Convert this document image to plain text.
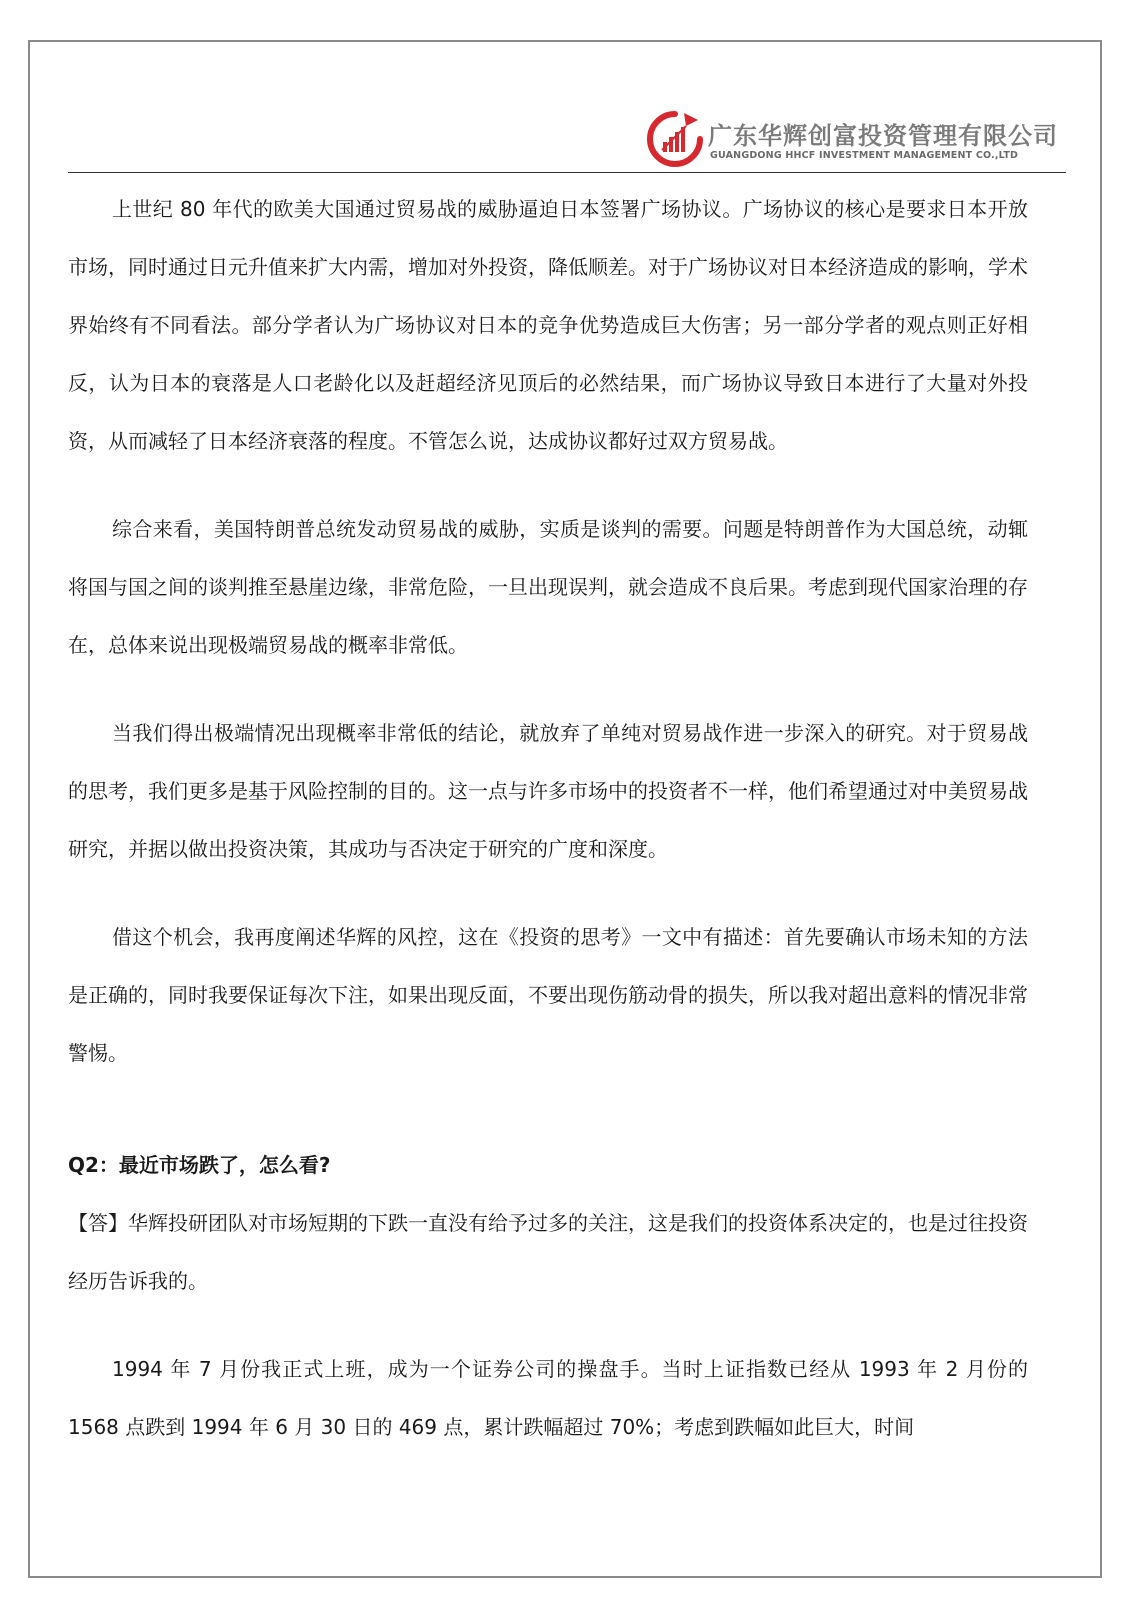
广东华辉创富投资管理有限公司
GUANGDONG HHCF INVESTMENT MANAGEMENT CO.,LTD

上世纪 80 年代的欧美大国通过贸易战的威胁逼迫日本签署广场协议。广场协议的核心是要求日本开放市场，同时通过日元升值来扩大内需，增加对外投资，降低顺差。对于广场协议对日本经济造成的影响，学术界始终有不同看法。部分学者认为广场协议对日本的竞争优势造成巨大伤害；另一部分学者的观点则正好相反，认为日本的衰落是人口老龄化以及赶超经济见顶后的必然结果，而广场协议导致日本进行了大量对外投资，从而减轻了日本经济衰落的程度。不管怎么说，达成协议都好过双方贸易战。

综合来看，美国特朗普总统发动贸易战的威胁，实质是谈判的需要。问题是特朗普作为大国总统，动辄将国与国之间的谈判推至悬崖边缘，非常危险，一旦出现误判，就会造成不良后果。考虑到现代国家治理的存在，总体来说出现极端贸易战的概率非常低。

当我们得出极端情况出现概率非常低的结论，就放弃了单纯对贸易战作进一步深入的研究。对于贸易战的思考，我们更多是基于风险控制的目的。这一点与许多市场中的投资者不一样，他们希望通过对中美贸易战研究，并据以做出投资决策，其成功与否决定于研究的广度和深度。

借这个机会，我再度阐述华辉的风控，这在《投资的思考》一文中有描述：首先要确认市场未知的方法是正确的，同时我要保证每次下注，如果出现反面，不要出现伤筋动骨的损失，所以我对超出意料的情况非常警惕。

Q2：最近市场跌了，怎么看?

【答】华辉投研团队对市场短期的下跌一直没有给予过多的关注，这是我们的投资体系决定的，也是过往投资经历告诉我的。

1994 年 7 月份我正式上班，成为一个证券公司的操盘手。当时上证指数已经从 1993 年 2 月份的 1568 点跌到 1994 年 6 月 30 日的 469 点，累计跌幅超过 70%；考虑到跌幅如此巨大，时间
